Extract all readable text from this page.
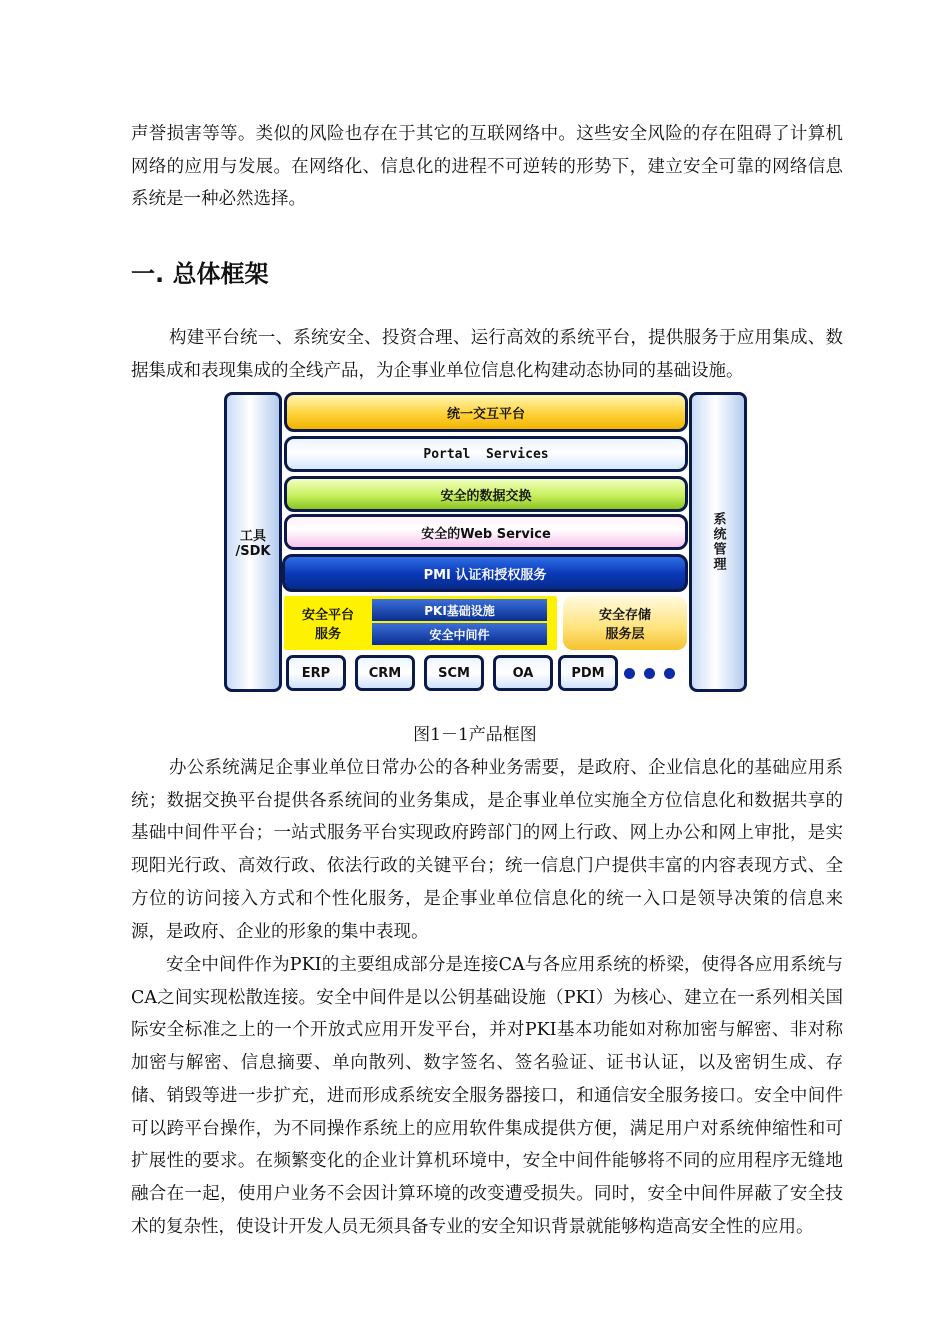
声誉损害等等。类似的风险也存在于其它的互联网络中。这些安全风险的存在阻碍了计算机网络的应用与发展。在网络化、信息化的进程不可逆转的形势下，建立安全可靠的网络信息系统是一种必然选择。

一. 总体框架

构建平台统一、系统安全、投资合理、运行高效的系统平台，提供服务于应用集成、数据集成和表现集成的全线产品，为企事业单位信息化构建动态协同的基础设施。

工具
/SDK	系统管理
统一交互平台
Portal  Services
安全的数据交换
安全的Web Service
PMI 认证和授权服务
安全平台
服务
PKI基础设施
安全中间件
安全存储
服务层
ERP	CRM	SCM	OA	PDM

图1－1产品框图

办公系统满足企事业单位日常办公的各种业务需要，是政府、企业信息化的基础应用系统；数据交换平台提供各系统间的业务集成，是企事业单位实施全方位信息化和数据共享的基础中间件平台；一站式服务平台实现政府跨部门的网上行政、网上办公和网上审批，是实现阳光行政、高效行政、依法行政的关键平台；统一信息门户提供丰富的内容表现方式、全方位的访问接入方式和个性化服务，是企事业单位信息化的统一入口是领导决策的信息来源，是政府、企业的形象的集中表现。

安全中间件作为PKI的主要组成部分是连接CA与各应用系统的桥梁，使得各应用系统与CA之间实现松散连接。安全中间件是以公钥基础设施（PKI）为核心、建立在一系列相关国际安全标准之上的一个开放式应用开发平台，并对PKI基本功能如对称加密与解密、非对称加密与解密、信息摘要、单向散列、数字签名、签名验证、证书认证，以及密钥生成、存储、销毁等进一步扩充，进而形成系统安全服务器接口，和通信安全服务接口。安全中间件可以跨平台操作，为不同操作系统上的应用软件集成提供方便，满足用户对系统伸缩性和可扩展性的要求。在频繁变化的企业计算机环境中，安全中间件能够将不同的应用程序无缝地融合在一起，使用户业务不会因计算环境的改变遭受损失。同时，安全中间件屏蔽了安全技术的复杂性，使设计开发人员无须具备专业的安全知识背景就能够构造高安全性的应用。
